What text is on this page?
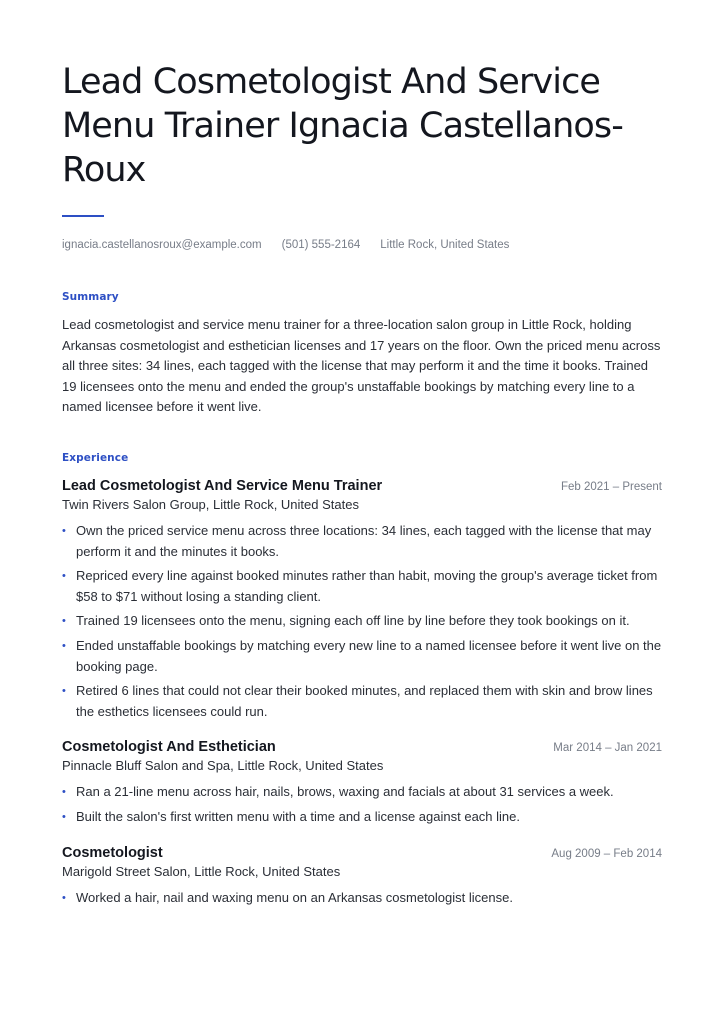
Lead Cosmetologist And Service Menu Trainer Ignacia Castellanos-Roux
ignacia.castellanosroux@example.com (501) 555-2164 Little Rock, United States
Summary

Lead cosmetologist and service menu trainer for a three-location salon group in Little Rock, holding Arkansas cosmetologist and esthetician licenses and 17 years on the floor. Own the priced menu across all three sites: 34 lines, each tagged with the license that may perform it and the time it books. Trained 19 licensees onto the menu and ended the group's unstaffable bookings by matching every line to a named licensee before it went live.

Experience
Lead Cosmetologist And Service Menu Trainer	Feb 2021 – Present
Twin Rivers Salon Group, Little Rock, United States
• Own the priced service menu across three locations: 34 lines, each tagged with the license that may perform it and the minutes it books.
• Repriced every line against booked minutes rather than habit, moving the group's average ticket from $58 to $71 without losing a standing client.
• Trained 19 licensees onto the menu, signing each off line by line before they took bookings on it.
• Ended unstaffable bookings by matching every new line to a named licensee before it went live on the booking page.
• Retired 6 lines that could not clear their booked minutes, and replaced them with skin and brow lines the esthetics licensees could run.
Cosmetologist And Esthetician	Mar 2014 – Jan 2021
Pinnacle Bluff Salon and Spa, Little Rock, United States
• Ran a 21-line menu across hair, nails, brows, waxing and facials at about 31 services a week.
• Built the salon's first written menu with a time and a license against each line.
Cosmetologist	Aug 2009 – Feb 2014
Marigold Street Salon, Little Rock, United States
• Worked a hair, nail and waxing menu on an Arkansas cosmetologist license.
